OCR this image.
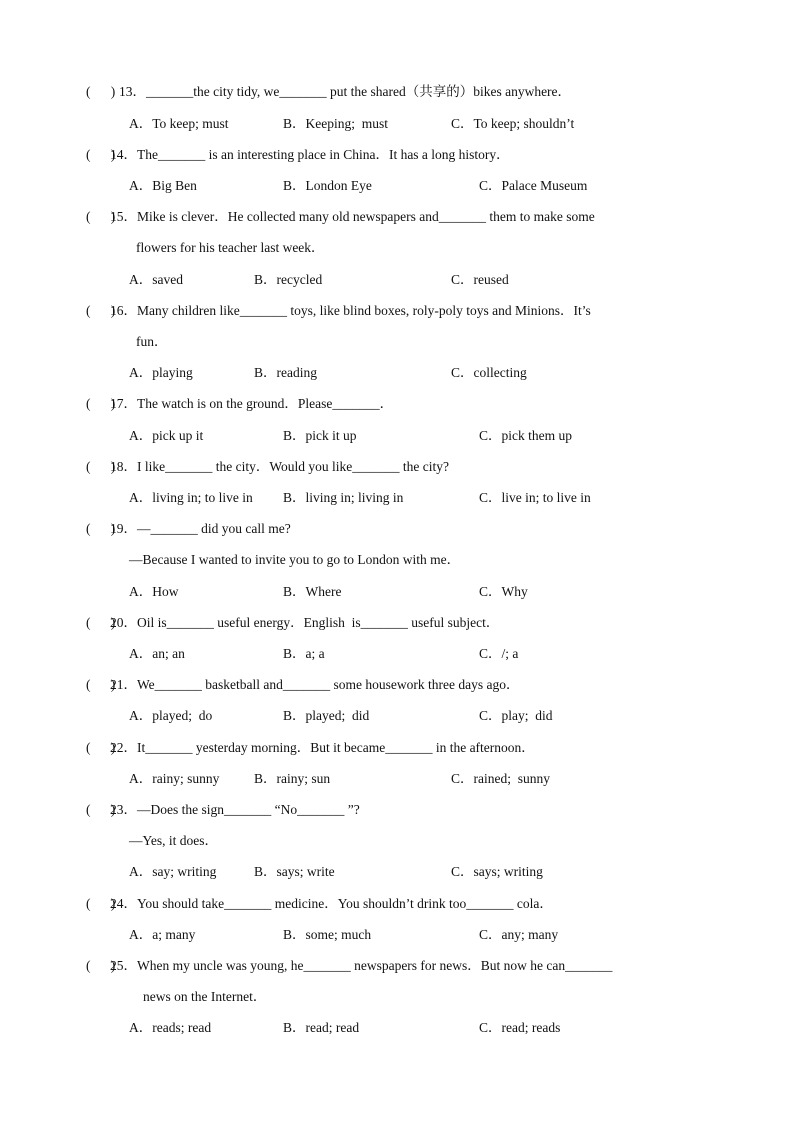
(      ) 13．_______the city tidy, we_______ put the shared（共享的）bikes anywhere．
A．To keep; must	B．Keeping;  must	C．To keep; shouldn’t
(      )
14．The_______ is an interesting place in China．It has a long history．
A．Big Ben	B．London Eye	C．Palace Museum
(      )
15．Mike is clever．He collected many old newspapers and_______ them to make some
flowers for his teacher last week．
A．saved	B．recycled	C．reused
(      )
16．Many children like_______ toys, like blind boxes, roly-poly toys and Minions．It’s
fun．
A．playing	B．reading	C．collecting
(      )
17．The watch is on the ground．Please_______．
A．pick up it	B．pick it up	C．pick them up
(      )
18．I like_______ the city．Would you like_______ the city?
A．living in; to live in B．living in; living in	C．live in; to live in
(      )
19．—_______ did you call me?
—Because I wanted to invite you to go to London with me．
A．How	B．Where	C．Why
(      )
20．Oil is_______ useful energy．English  is_______ useful subject．
A．an; an	B．a; a	C．/; a
(      )
21．We_______ basketball and_______ some housework three days ago．
A．played;  do	B．played;  did	C．play;  did
(      )
22．It_______ yesterday morning．But it became_______ in the afternoon．
A．rainy; sunny	B．rainy; sun	C．rained;  sunny
(      )
23．—Does the sign_______ “No_______ ”?
—Yes, it does．
A．say; writing	B．says; write	C．says; writing
(      )
24．You should take_______ medicine．You shouldn’t drink too_______ cola．
A．a; many	B．some; much	C．any; many
(      )
25．When my uncle was young, he_______ newspapers for news．But now he can_______
news on the Internet．
A．reads; read	B．read; read	C．read; reads
